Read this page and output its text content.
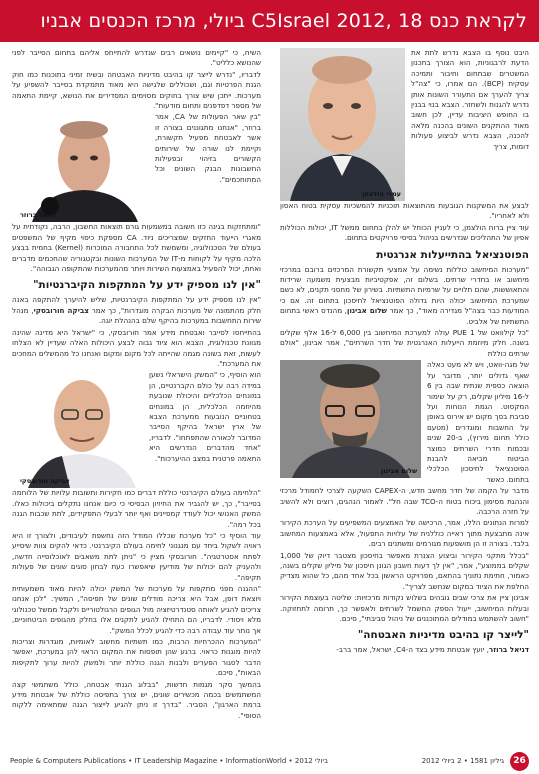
לקראת כנס C5Israel 2012, 18 ביולי, מרכז הכנסים אבניו

היבט נוסף בו הצבא נדרש לתת את הדעת לרבגוניות, הוא הצורך בתכנון המשטרים שבתחום וחיבור ותמיכה עסקית (BCP). הם אמרו, כי "צה"ל צריך להערך אם התעורר השונות אותן נדרש להגנות ולשחזר. הצבא בנוי בבנין בו החופש היציבות עדיין, לכן חשוב מאוד ההתקנים השונים בהכנה מלאה להכנה, הצבא נדרש לביצוע פעולות דומות, צריך

עמרי הולצמן

לבצע את המשקנות הגובעות מהתוצאות תוכניות להמשכיות עסקית בטוח האסון ולא לאחריו".

עוד ציין ברוח הולצמן, כי לעניין הכוחל יש להלן בתחום ממשל IT, יכולות הכוללות אפיון של התהליכים שנדרשים בניהול בסיסי פרויקטים בתחום.

הפוטנציאל בהתייעלות אנרגטית

"מערכות המיחשוב כוללות נשימה על אמצעי תקשורת המרכזים ברובם במרכזי מיחשוב או בחדרי שרתים. בשלום זה, אפקטיביות מבצעית משמעה שרידות והתאוששות, שהם תלויים על שרמיות התשתיות. בשירון של מחסני תקנים, לא כשם שמערכת המיחשוב יכולה היות גדולה הפוטנציאל לחיסכון בתחום זה. אם כי המודעות כבר בצה"ל מגדירה מאוד", כך אמר שלום אבינון, מהנדס ראשי בתחום התשתיות של אלביט.

"כל קילוואט של 1 PUE עולה למערכת המיחשוב בין 6,000 ל-16 אלף שקלים בשנה. חלק מיוזמת הייעלות האנרגטית של חדר השרתים", אמר אבינון, "אולם שרתים כוללת

של מגה-וואט, ויש לא מעט כאלה שאף גדולים יותר, מדובר על הוצאה כספית שנתית שבה בין 6 ל-16 מיליון שקלים, רק על שימור המקסוט. הגמת הנוחות ועל סביבת בסך מקום יש אירוס באופן על החשבות ומוגדרים (מטעם כולל תחום מירוץ), ב-20 שנים ובכמות חדרי השרתים כמוצר הביטוח מביאה להבנת הפוטנציאל לחיסכון הכלכלי בתחום. כאשר

שלום אבינון

מדבר על הקמה של חדר מחשב חדש, ה-CAPEX השקעה לצרכי לחמודל מרכזי והנהגת מסימון ביכוח בטוח ה-TCO שבה חל". לאמור הנהגים, רוצים ולא להשיב על חזרה הרכבה.

למרות הנתונים הללו, אמר, הרכישה של האמצעים המשפיעים על הערכת הקירור אינה מתבצעת מתוך ראייה כוללנית של עלויות התפעול, אלא באמצעות המחשוב בלבד. בצורה זו הן מושפעות מגורמים ומשתנים רבים.

"בכלל מתקני הקירור וביצוע הצנרת מאפשר בחיסכון מצטבר דיוק של 1,000 שקלים בממוצע", אמר, "אין לך דעות חשבון הגונן חיסכון של מיליון שקלים בשנה, כאמור, חתימת נתוניך בהתאם, מפרויקט הראשון בכל אחד מהם, כל שהוא מצדיק החלפת את הציוד במקום שנחשב לצריך".

אבינון ציין את צרכי שבים גובהים בשלוש נקודות מרכזיות: שליטה בעוצמת הקירור ובעלות המיחשוב, ייעול הספק החשמל לשרתים ולאפשר כך, תרומה לתחזוקה. "חשוב להשתמש במודלים המתוכננים של ניהול סביבתי", סיכם.

"לייצר קו בהיבט מדיניות האבטחה"

דניאל ברוזר, יועץ אבטחת מידע בצד ה-C4, ישראל, אמר ברב-

השיח, כי "קיימים נושאים רבים שנדרש להתייחס אליהם בתחום הסייבר לפני שהנושא כלליט".

לדבריו, "נדרש לייצר קו בהיבט מדיניות האבטחה ובשיח זמיני בתוכנות כמו חוק הגנת הפרטיות וגם, ושכוללים שלגישה היא מאוד מתמקדת בסייבר להשפיע על מערכות. ייתכן שיש צורך בחוקים מסוימים המסדירים את הנושא, קיימת התאמה של מספר דפדפנים ותחום מודעות".

"בין שאר הפעולות של CA, אמר ברוזר, "אנחנו מתגוננים בצורה זו אשר לאבטחת מפעיל תקשורת, וקיימת לנו שורה של שירותים הקשורים בזיהוי ובפעילות החשבונות הבנק השונים וכל המתוחכמים".

דניאל ברוזר

"ומתחזקות בגינה כזו חשובה במשמעות גורם תוצאות החשבון, הרבה, נקודתית על מאגרי הייעוד החזקים שמצריכים ניוד. CA מספקת כיסוי מקיף של המשפטים בעולם של הטכנולוגיה, ומשמשת לכל התחבורה המוכרות (Kernel) בחמית בבצע הלכה מקיף על לקוחות מ-IT של המערכות השונות ובקטגוריה שהחכמים מדברים ואחת, יכול להפעיל באמצעות השירות ויותר מהמערכות שהתקופה הגבוהה".

"אין לנו מספיק ידע על המתקפות הקיברנטיות"

"אין לנו מספיק ידע על המתקפות הקיברנטיות, שליש להיערך להתקפה באנה חלק מהתמונה של מערכות הבקרה מוגדרות", כך אמר צביקה חורובסקי, מנהל שירות התחשבות במערכות בהיקף שלם בהנהלת יוגה.

בהתייחסו לסייבר ואבטחת מידע אמר חורובסקי, כי "ישראל היא מדינה שהינה מגוונת טכנולוגית, הצבא הוא ציוד גבוה לבצע היכולות האלה שעדיין לא הצלחו לעשות, זאת בשונה מגמה שהייתה לכל מקום ומקום ואנחנו כל מהמשלים המחכים את המערכת".

הוא הוסיף, כי "המשק הישראלי נשען במידה רבה על כולם הקברנטיים, הן במונחים הכלכליים והיכולת שנובעת מהיוזמה הכלכלית, הן במונחים בטחוניים הנובעות ממערכת הצבא של ארץ ישראל בהיקף הסייבר המדובר לכאורה שהתפתחו". לדבריו, "אחד מהדברים הנדרשים היא התאמה פרטנית במצב ההיערכות".

צביקה חורובסקי

"הלחימה בעולם הקיברנטי כוללת דברים כמו חקירות ותשובות עלויות של הלוחמה בסייבר", כך, יש להגביר את החיזיון הבסיסי כי כיום אנחנו נתקלים ביכולות כאלו. המשק האנושי יכול לעודד קמפיינים ואף יותר לבעלי התפקידים, לתת שכבות הגנה בכל רמה".

עוד הוסיף כי "כל מערכת שכללו המודל הזה נחשפת לעיבודים, ולצורך זו היא ראויה לשקול ביחד עם מנגנוני לחימה בעולם הקיברנטי. כדאי להקים צוות שיסייע לפתח אסטרטגיה". חורובסקי מציין כי "ניתן לתת משאבים לאוכלוסייה חדשה, ולהעניק להם יכולות של מודיעין שיאפשרו כעת לבחון סוגים שונים של פעולות תקיפה".

"ההגנה מפני מתקפות על מערכות של המשק יכולה להיות מאוד משמעותית ויוצאת דופן, אבל היא צריכה מודלים שונים של תפיסה", המשיך. "לכן אנחנו צריכים להגיע לאותה סטנדרטיזציה מול הגופים הרגולטוריים ולקבל ממשל טכנולוגי מלא ויסודי. לדבריו, הם התחילו להגיע לתקנים אלו בחלק מהגופים הביטחוניים, אך נותר עוד עבודה רבה כדי להגיע לכלל המשק".

"המערכות ההכרחיות הרבות, כמו תשתיות מחשוב לאומיות, מוגדרות וצריכות להיות מוגנות כראוי. ברגע שהן תופסות את המקום הראוי להן במערכת, יאפשר הדבר לסגור הפערים ולבנות הגנה כוללת יותר ולמשק להיות ערוך לתקיפות הבאות", סיכם.

בהמשך סקר מגמות חדשות, "בבלוג הגנתי אבטחה, כולל משתמשי קצה המשתמשים בכמה מכשירים שונים, יש צורך בתפיסה כוללת של אבטחת מידע ברמת הארגון", הסביר. "בדרך זו ניתן להגיע לייצור הגנה שמתאימה ללקוח הסופי".

People & Computers Publications • IT Leadership Magazine • InformationWorld • ביולי 2012	גיליון 1581 • 2 ביולי 2012	26
